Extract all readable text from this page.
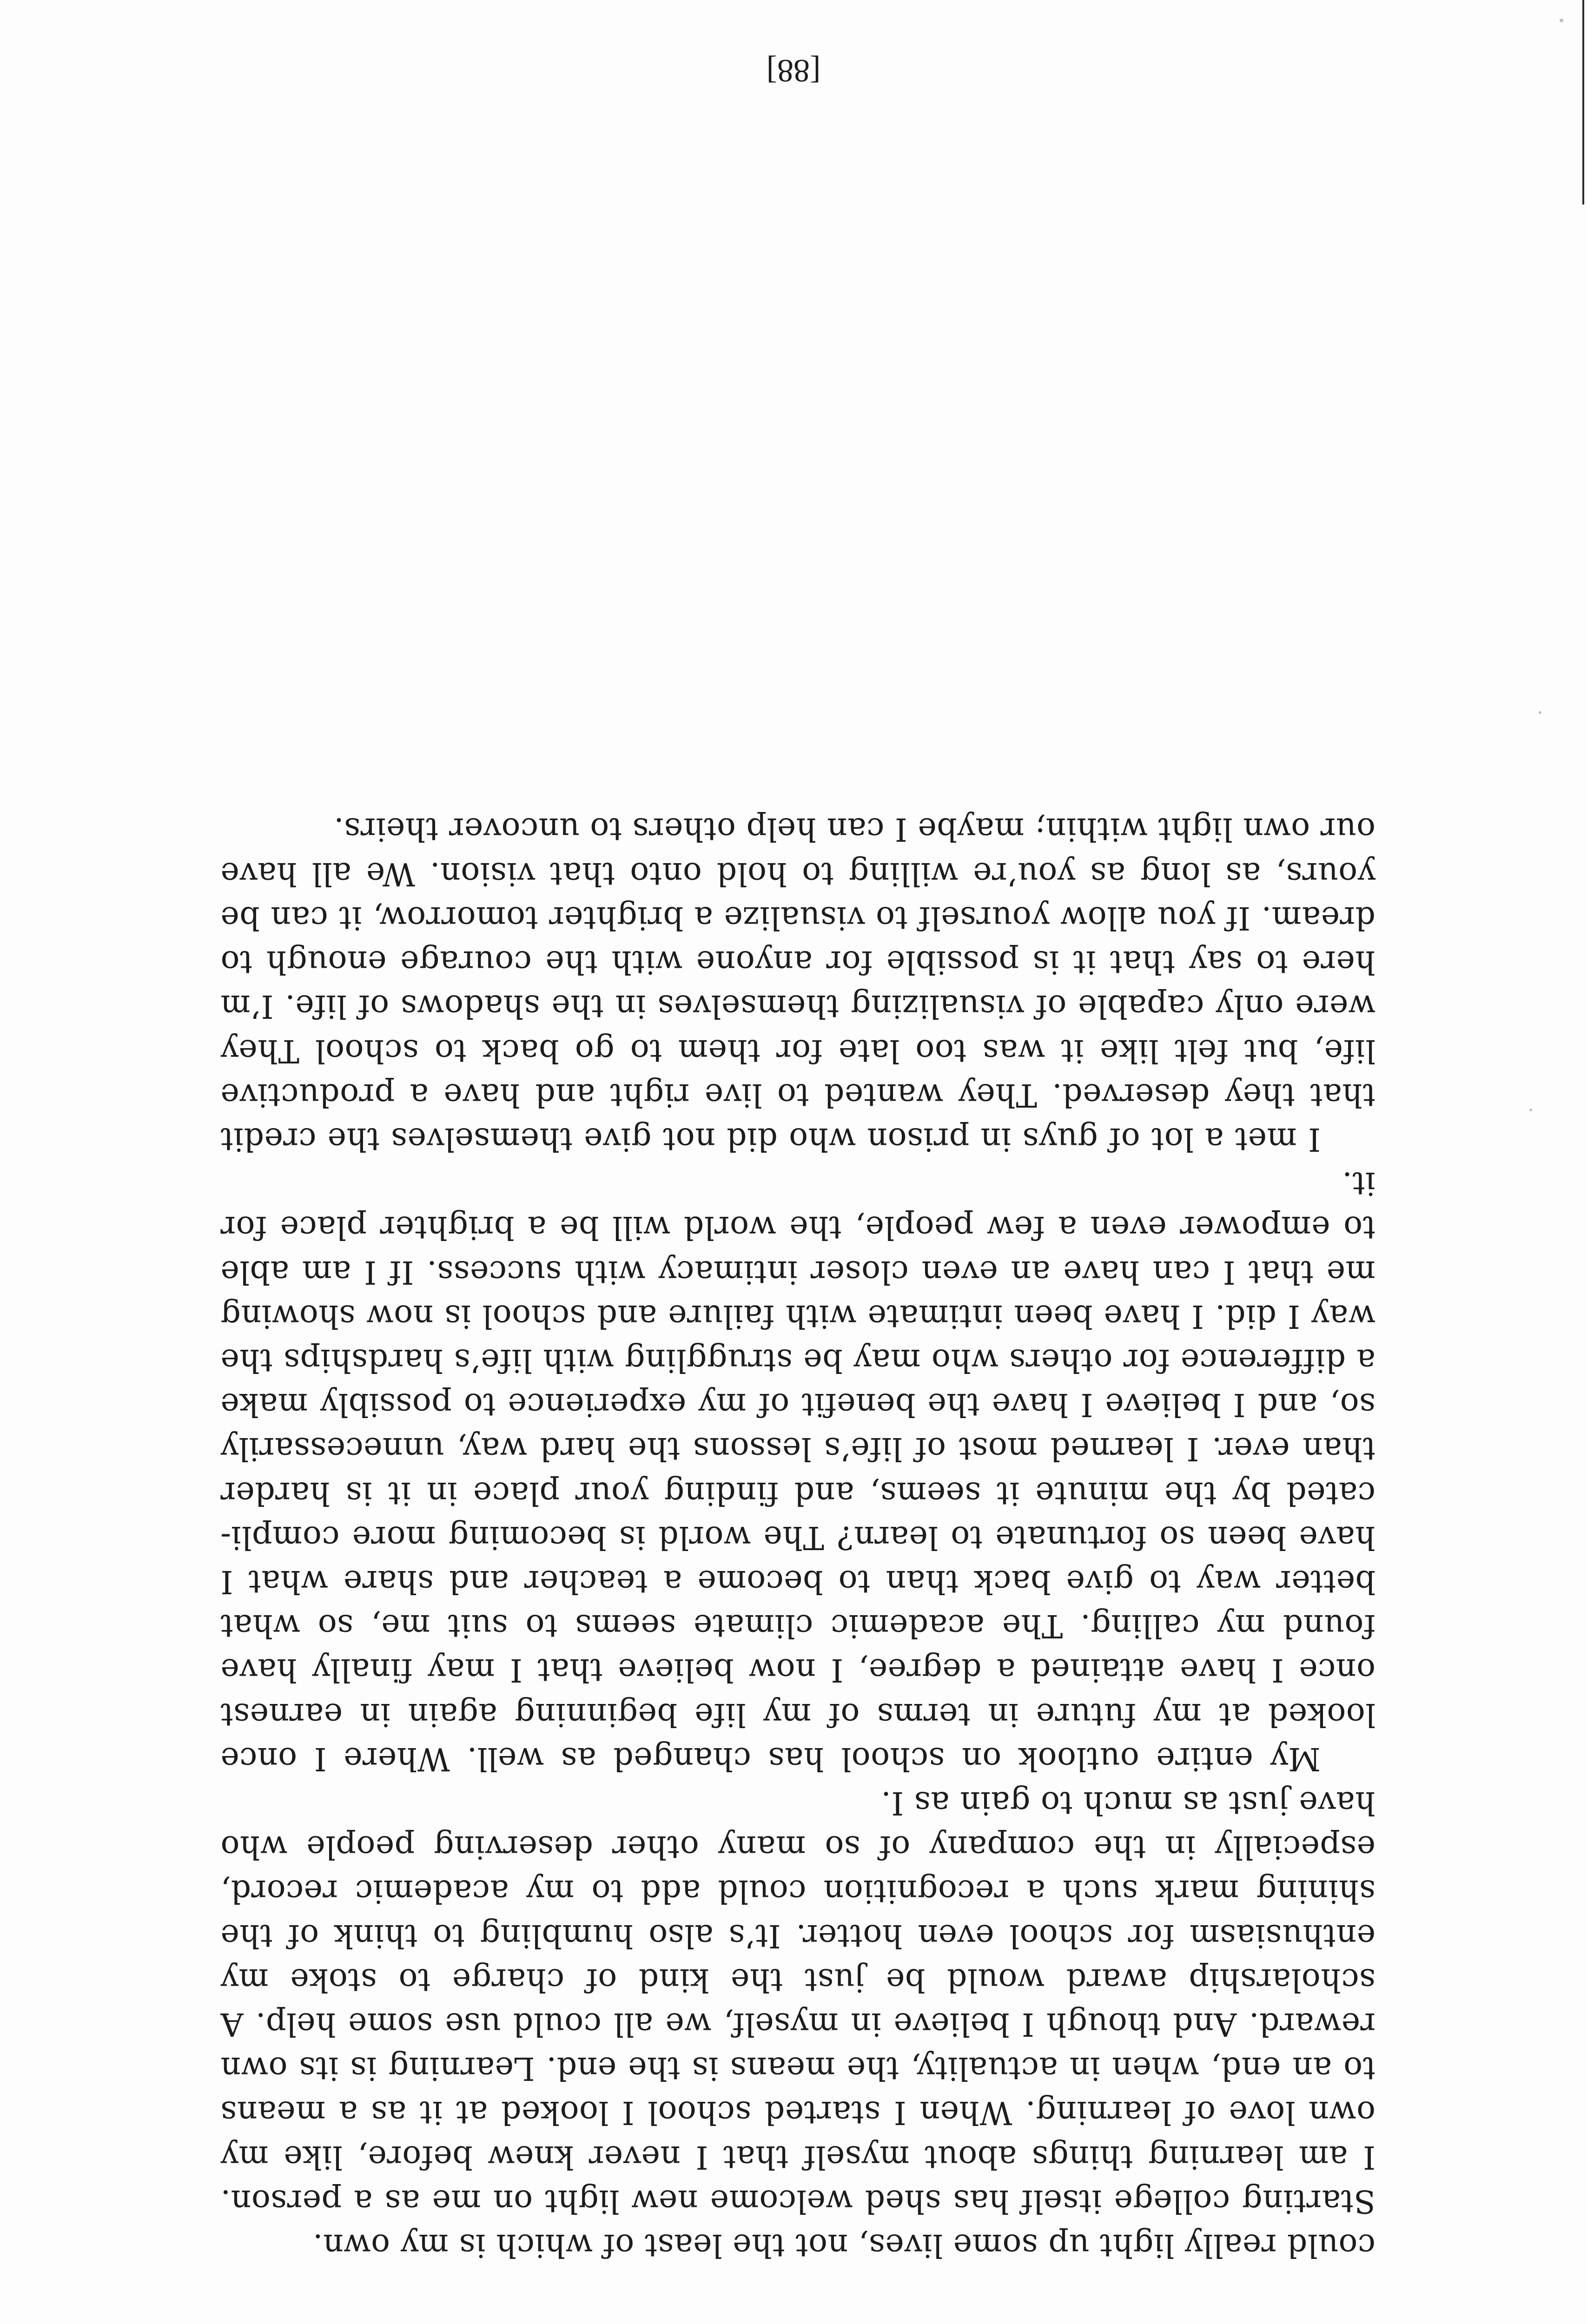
could really light up some lives, not the least of which is my own.

Starting college itself has shed welcome new light on me as a person. I am learning things about myself that I never knew before, like my own love of learning. When I started school I looked at it as a means to an end, when in actuality, the means is the end. Learning is its own reward. And though I believe in myself, we all could use some help. A scholarship award would be just the kind of charge to stoke my enthusiasm for school even hotter. It’s also humbling to think of the shining mark such a recognition could add to my academic record, especially in the company of so many other deserving people who have just as much to gain as I.

My entire outlook on school has changed as well. Where I once looked at my future in terms of my life beginning again in earnest once I have attained a degree, I now believe that I may finally have found my calling. The academic climate seems to suit me, so what better way to give back than to become a teacher and share what I have been so fortunate to learn? The world is becoming more complicated by the minute it seems, and finding your place in it is harder than ever. I learned most of life’s lessons the hard way, unnecessarily so, and I believe I have the benefit of my experience to possibly make a difference for others who may be struggling with life’s hardships the way I did. I have been intimate with failure and school is now showing me that I can have an even closer intimacy with success. If I am able to empower even a few people, the world will be a brighter place for it.

I met a lot of guys in prison who did not give themselves the credit that they deserved. They wanted to live right and have a productive life, but felt like it was too late for them to go back to school They were only capable of visualizing themselves in the shadows of life. I’m here to say that it is possible for anyone with the courage enough to dream. If you allow yourself to visualize a brighter tomorrow, it can be yours, as long as you’re willing to hold onto that vision. We all have our own light within; maybe I can help others to uncover theirs.

[88]
